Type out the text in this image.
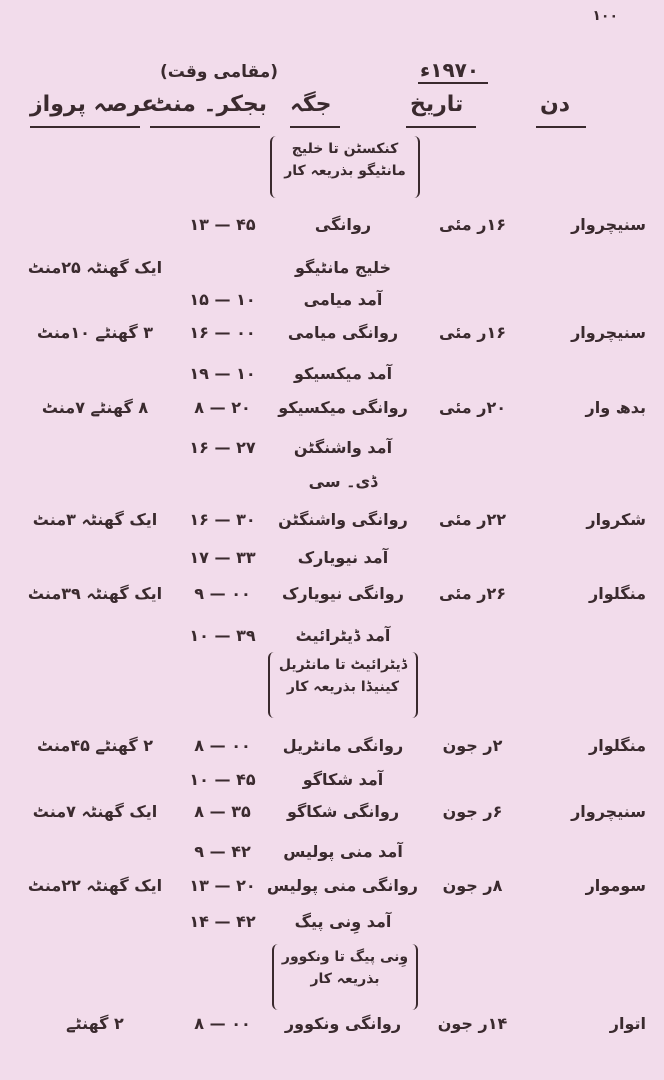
۱۰۰
۱۹۷۰ء
(مقامی وقت)
دن
تاریخ
جگہ
بجکر۔ منٹ
عرصہ پرواز
کنکسٹن تا خلیج
مانٹیگو بذریعہ کار
ڈیٹرائیٹ تا مانٹریل
کینیڈا بذریعہ کار
وِنی پیگ تا ونکوور
بذریعہ کار
سنیچروار
۱۶ر مئی
روانگی
۱۳ — ۴۵
خلیج مانٹیگو
ایک گھنٹہ ۲۵منٹ
آمد میامی
۱۵ — ۱۰
سنیچروار
۱۶ر مئی
روانگی میامی
۱۶ — ۰۰
۳ گھنٹے ۱۰منٹ
آمد میکسیکو
۱۹ — ۱۰
بدھ وار
۲۰ر مئی
روانگی میکسیکو
۸ — ۲۰
۸ گھنٹے ۷منٹ
آمد واشنگٹن
۱۶ — ۲۷
ڈی۔ سی
شکروار
۲۲ر مئی
روانگی واشنگٹن
۱۶ — ۳۰
ایک گھنٹہ ۳منٹ
آمد نیویارک
۱۷ — ۳۳
منگلوار
۲۶ر مئی
روانگی نیویارک
۹ — ۰۰
ایک گھنٹہ ۳۹منٹ
آمد ڈیٹرائیٹ
۱۰ — ۳۹
منگلوار
۲ر جون
روانگی مانٹریل
۸ — ۰۰
۲ گھنٹے ۴۵منٹ
آمد شکاگو
۱۰ — ۴۵
سنیچروار
۶ر جون
روانگی شکاگو
۸ — ۳۵
ایک گھنٹہ ۷منٹ
آمد منی پولیس
۹ — ۴۲
سوموار
۸ر جون
روانگی منی پولیس
۱۳ — ۲۰
ایک گھنٹہ ۲۲منٹ
آمد وِنی پیگ
۱۴ — ۴۲
اتوار
۱۴ر جون
روانگی ونکوور
۸ — ۰۰
۲ گھنٹے
